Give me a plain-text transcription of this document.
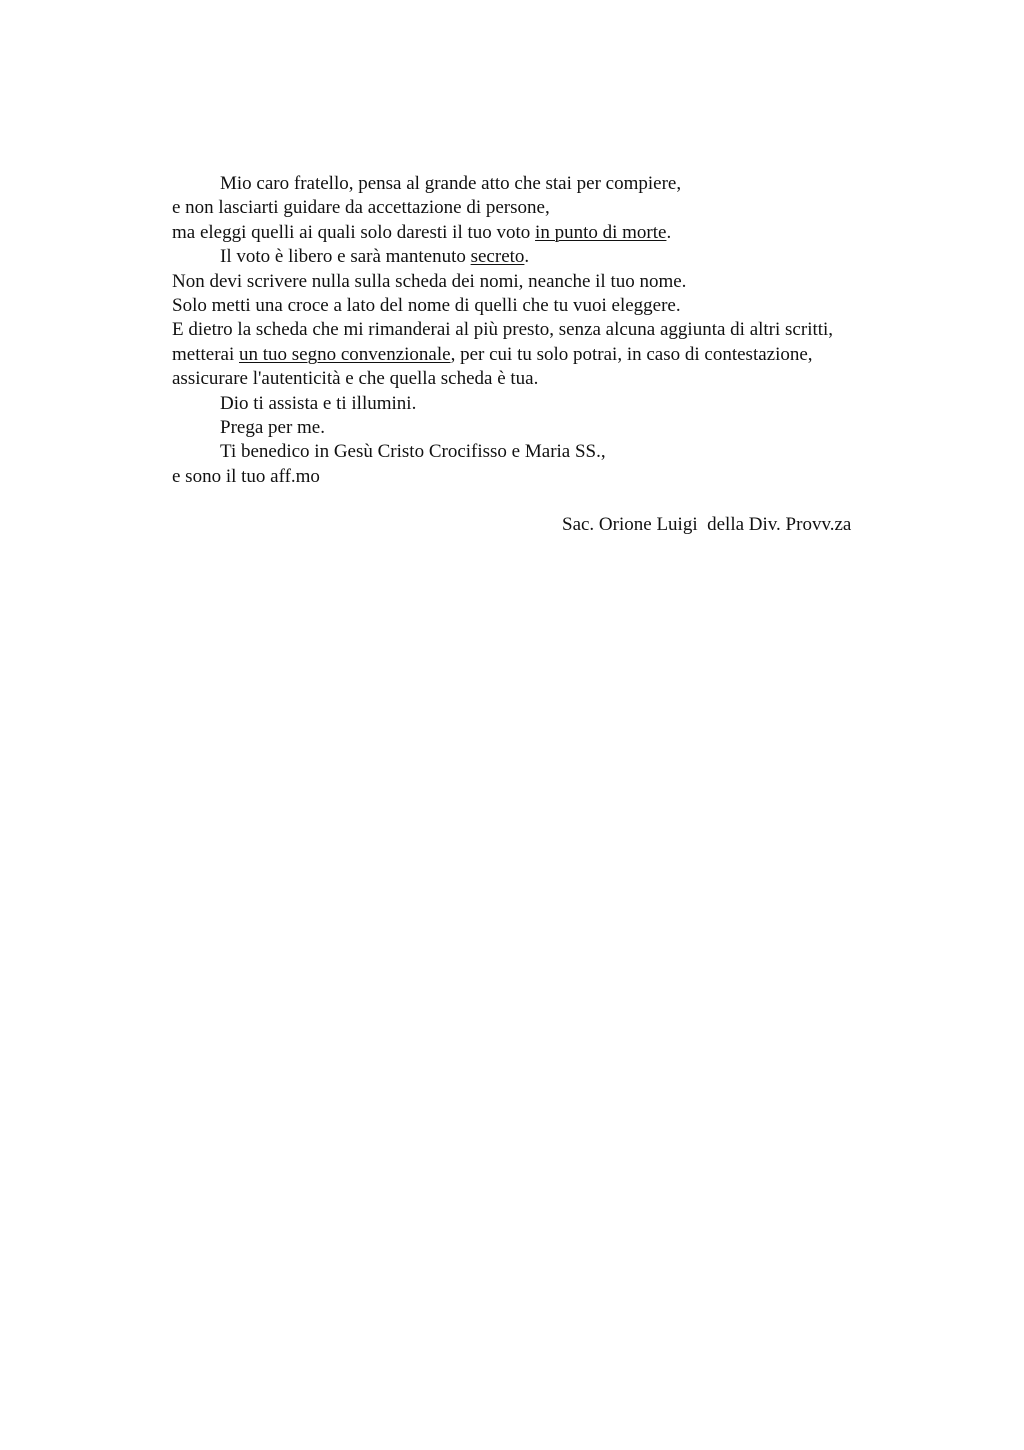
Mio caro fratello, pensa al grande atto che stai per compiere,
e non lasciarti guidare da accettazione di persone,
ma eleggi quelli ai quali solo daresti il tuo voto in punto di morte.
Il voto è libero e sarà mantenuto secreto.
Non devi scrivere nulla sulla scheda dei nomi, neanche il tuo nome.
Solo metti una croce a lato del nome di quelli che tu vuoi eleggere.
E dietro la scheda che mi rimanderai al più presto, senza alcuna aggiunta di altri scritti,
metterai un tuo segno convenzionale, per cui tu solo potrai, in caso di contestazione,
assicurare l'autenticità e che quella scheda è tua.
Dio ti assista e ti illumini.
Prega per me.
Ti benedico in Gesù Cristo Crocifisso e Maria SS.,
e sono il tuo aff.mo
Sac. Orione Luigi  della Div. Provv.za
